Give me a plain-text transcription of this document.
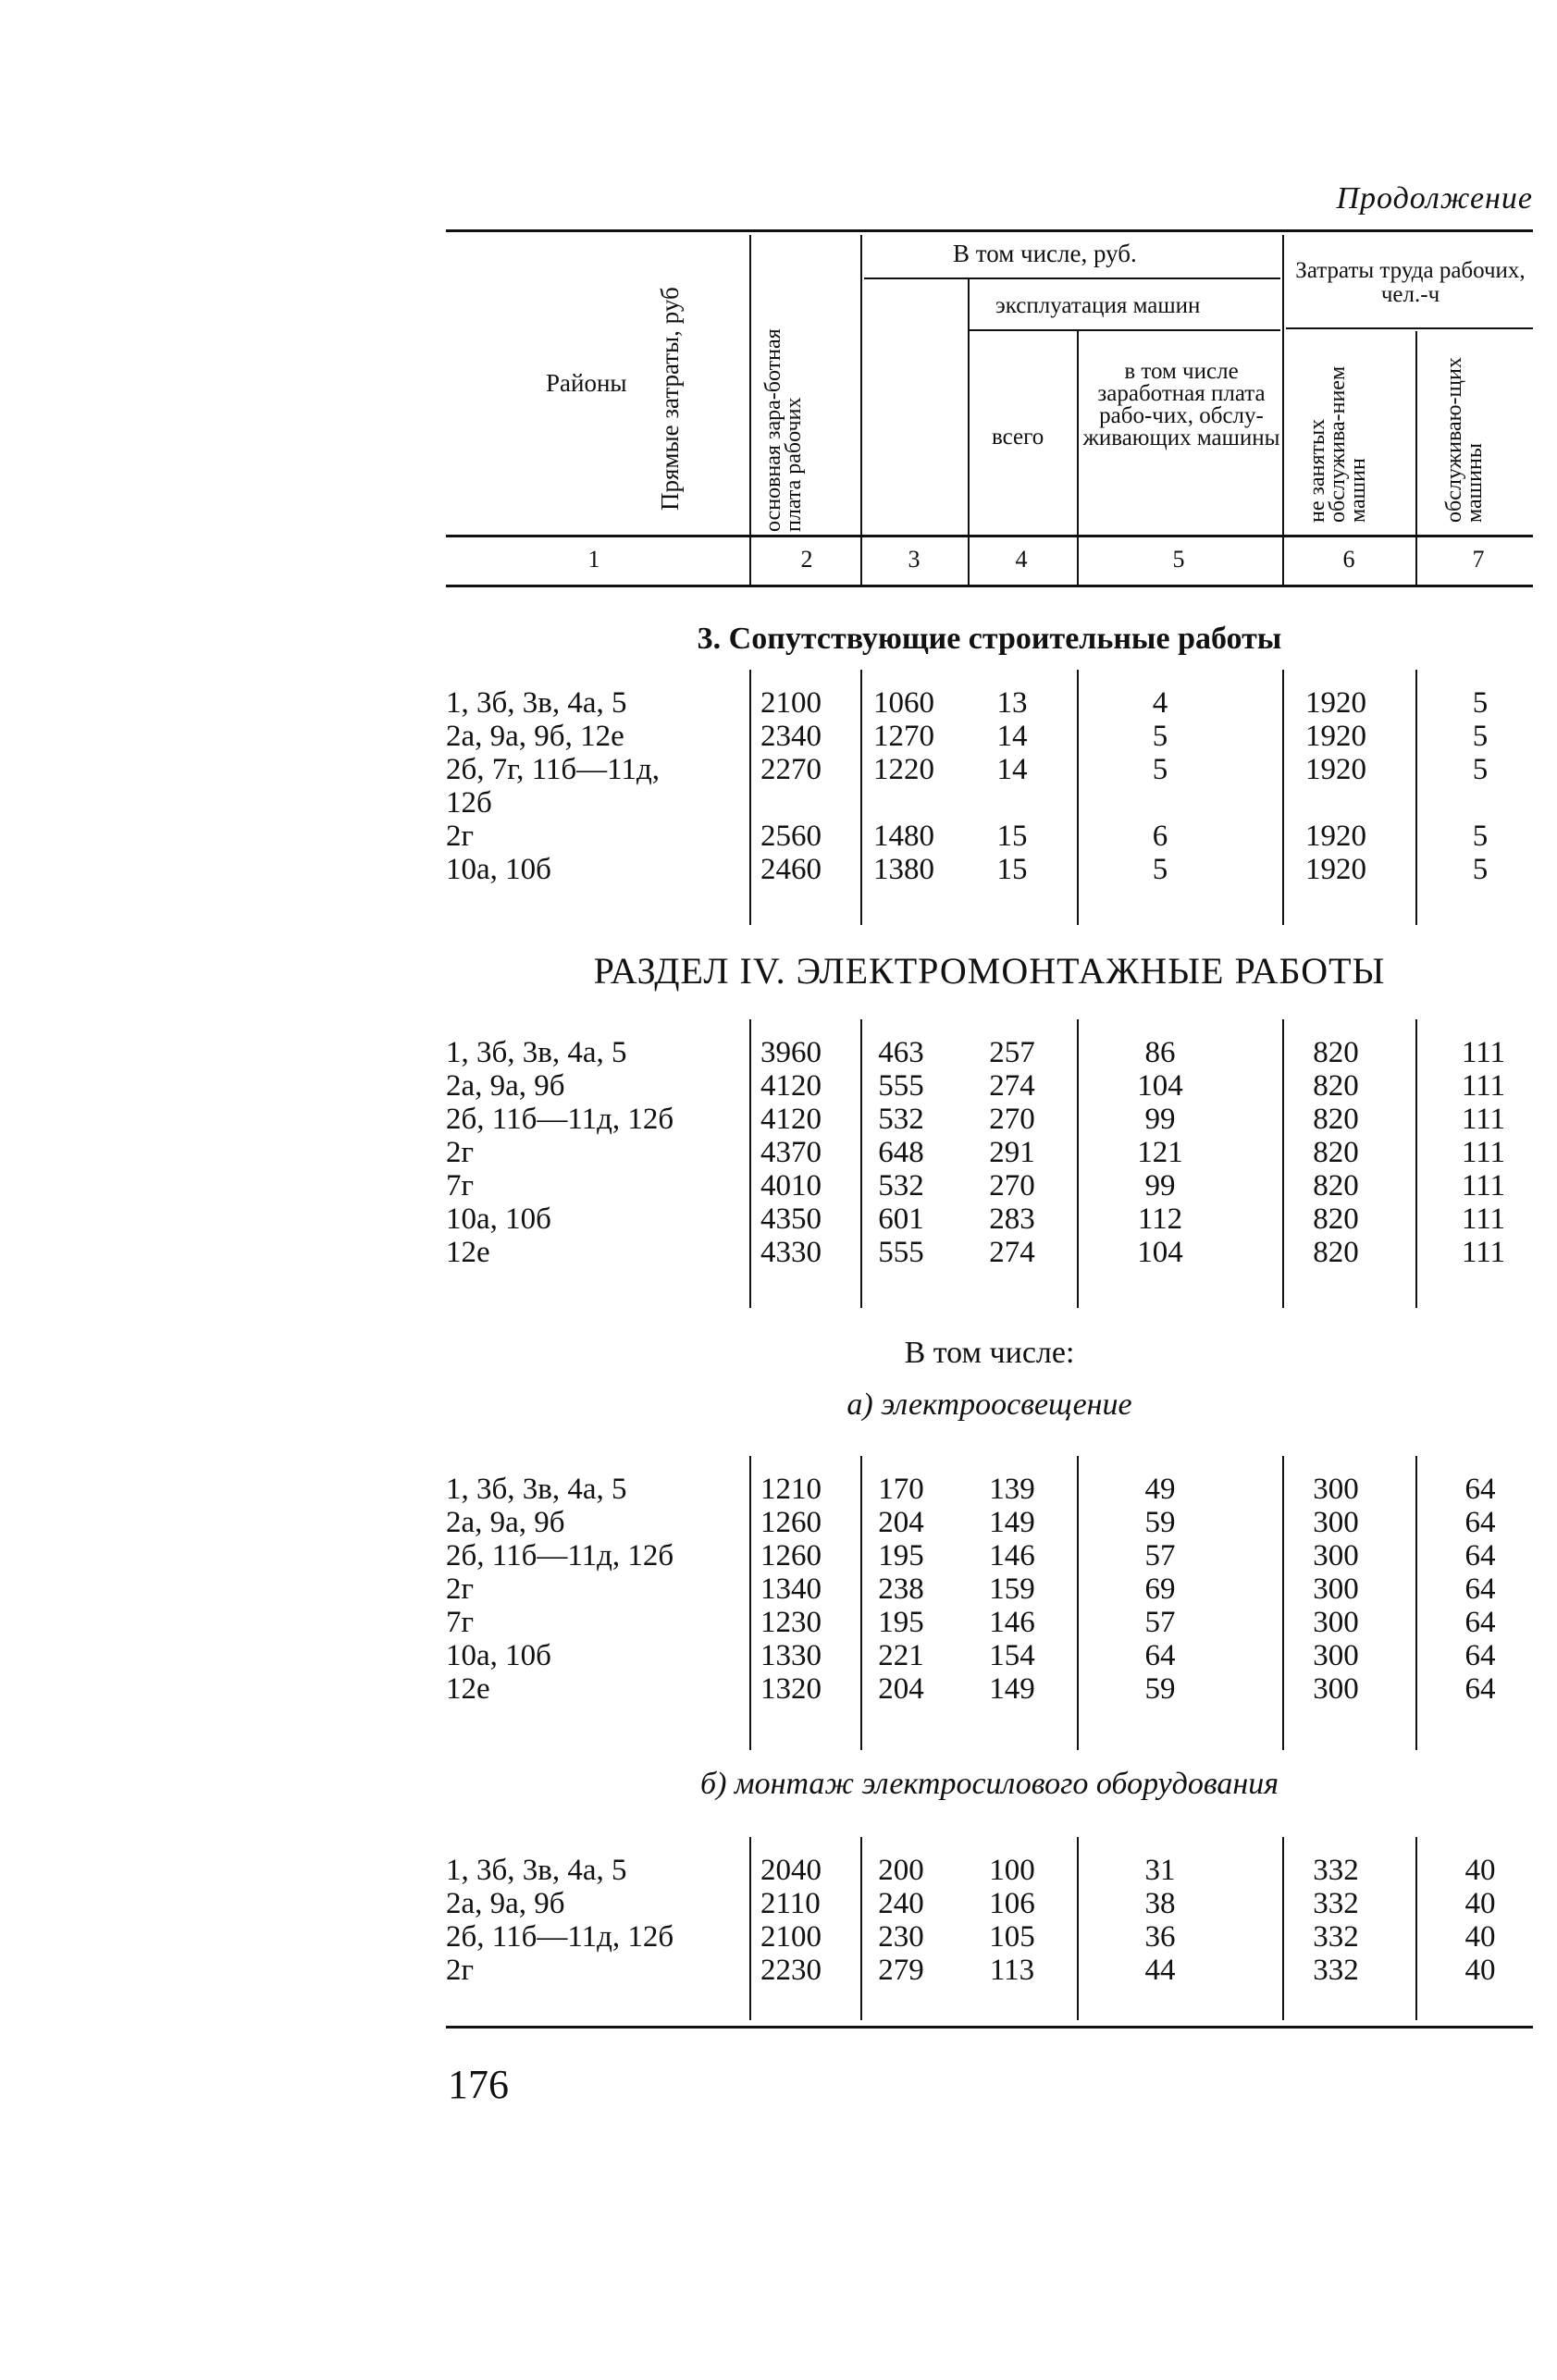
Продолжение
Районы Прямые затраты, руб
В том числе, руб.
основная зара-ботная плата рабочих
эксплуатация машин
всего
в том числе заработная плата рабо-чих, обслу-живающих машины
Затраты труда рабочих, чел.-ч
не занятых обслужива-нием машин	обслуживаю-щих машины
1	2	3	4	5	6	7
3. Сопутствующие строительные работы
РАЗДЕЛ IV. ЭЛЕКТРОМОНТАЖНЫЕ РАБОТЫ
В том числе:
а) электроосвещение
б) монтаж электросилового оборудования
1, 3б, 3в, 4а, 5	2100 1060	13	4	1920	5
2а, 9а, 9б, 12е	2340 1270	14	5	1920	5
2б, 7г, 11б—11д,	2270 1220	14	5	1920	5
12б
2г	2560 1480	15	6	1920	5
10а, 10б	2460 1380	15	5	1920	5
1, 3б, 3в, 4а, 5	3960 463 257	86	820	111
2а, 9а, 9б	4120 555 274	104	820	111
2б, 11б—11д, 12б	4120 532 270	99	820	111
2г	4370 648 291	121	820	111
7г	4010 532 270	99	820	111
10а, 10б	4350 601 283	112	820	111
12е	4330 555 274	104	820	111
1, 3б, 3в, 4а, 5	1210 170 139	49	300	64
2а, 9а, 9б	1260 204 149	59	300	64
2б, 11б—11д, 12б	1260 195 146	57	300	64
2г	1340 238 159	69	300	64
7г	1230 195 146	57	300	64
10а, 10б	1330 221 154	64	300	64
12е	1320 204 149	59	300	64
1, 3б, 3в, 4а, 5	2040 200 100	31	332	40
2а, 9а, 9б	2110 240 106	38	332	40
2б, 11б—11д, 12б	2100 230 105	36	332	40
2г	2230 279 113	44	332	40
176
